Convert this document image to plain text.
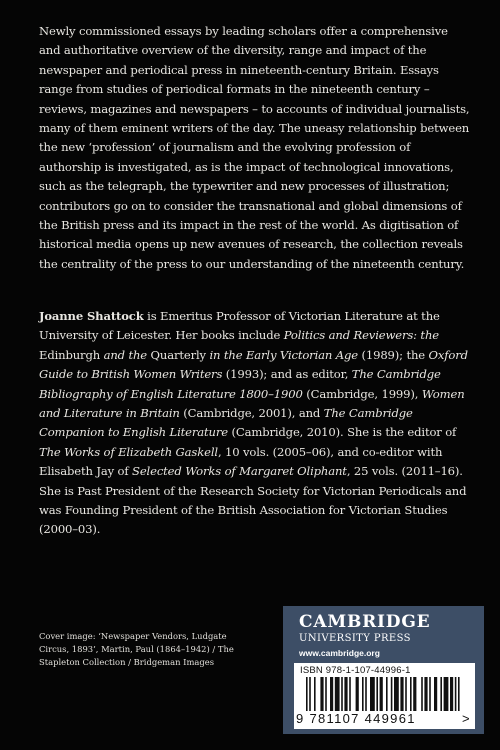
Newly commissioned essays by leading scholars offer a comprehensive and authoritative overview of the diversity, range and impact of the newspaper and periodical press in nineteenth-century Britain. Essays range from studies of periodical formats in the nineteenth century – reviews, magazines and newspapers – to accounts of individual journalists, many of them eminent writers of the day. The uneasy relationship between the new ‘profession’ of journalism and the evolving profession of authorship is investigated, as is the impact of technological innovations, such as the telegraph, the typewriter and new processes of illustration; contributors go on to consider the transnational and global dimensions of the British press and its impact in the rest of the world. As digitisation of historical media opens up new avenues of research, the collection reveals the centrality of the press to our understanding of the nineteenth century.

Joanne Shattock is Emeritus Professor of Victorian Literature at the University of Leicester. Her books include Politics and Reviewers: the Edinburgh and the Quarterly in the Early Victorian Age (1989); the Oxford Guide to British Women Writers (1993); and as editor, The Cambridge Bibliography of English Literature 1800–1900 (Cambridge, 1999), Women and Literature in Britain (Cambridge, 2001), and The Cambridge Companion to English Literature (Cambridge, 2010). She is the editor of The Works of Elizabeth Gaskell, 10 vols. (2005–06), and co-editor with Elisabeth Jay of Selected Works of Margaret Oliphant, 25 vols. (2011–16). She is Past President of the Research Society for Victorian Periodicals and was Founding President of the British Association for Victorian Studies (2000–03).

Cover image: ‘Newspaper Vendors, Ludgate Circus, 1893’, Martin, Paul (1864–1942) / The Stapleton Collection / Bridgeman Images

CAMBRIDGE
UNIVERSITY PRESS
www.cambridge.org
ISBN 978-1-107-44996-1
9 781107 449961	>
